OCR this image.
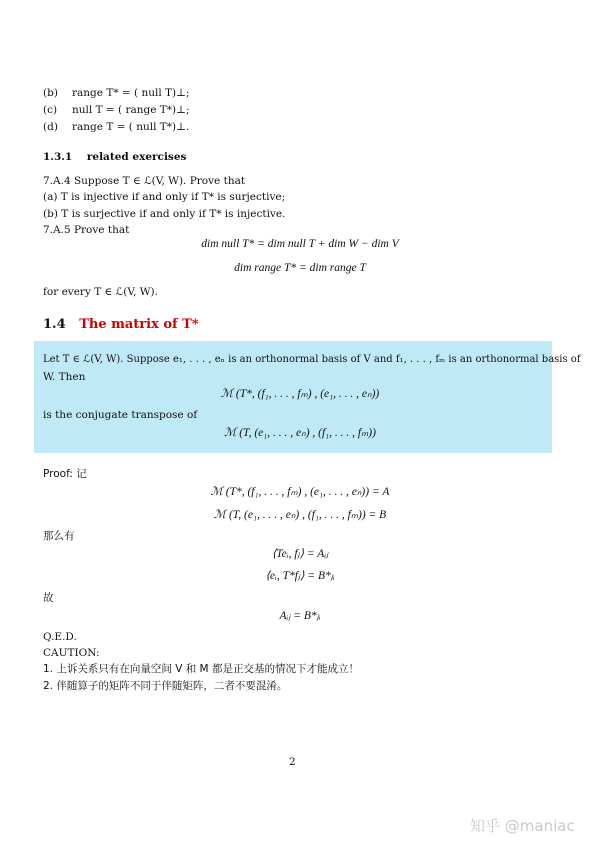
(b) range T* = ( null T)⊥;
(c) null T = ( range T*)⊥;
(d) range T = ( null T*)⊥.
1.3.1 related exercises
7.A.4 Suppose T ∈ ℒ(V, W). Prove that
(a) T is injective if and only if T* is surjective;
(b) T is surjective if and only if T* is injective.
7.A.5 Prove that
dim null T* = dim null T + dim W − dim V
dim range T* = dim range T
for every T ∈ ℒ(V, W).
1.4 The matrix of T*
Let T ∈ ℒ(V, W). Suppose e₁, . . . , eₙ is an orthonormal basis of V and f₁, . . . , fₘ is an orthonormal basis of
W. Then
ℳ (T*, (f₁, . . . , fₘ) , (e₁, . . . , eₙ))
is the conjugate transpose of
ℳ (T, (e₁, . . . , eₙ) , (f₁, . . . , fₘ))
Proof: 记
ℳ (T*, (f₁, . . . , fₘ) , (e₁, . . . , eₙ)) = A
ℳ (T, (e₁, . . . , eₙ) , (f₁, . . . , fₘ)) = B
那么有
⟨Teᵢ, fⱼ⟩ = Aᵢⱼ
⟨eᵢ, T*fⱼ⟩ = B*ⱼᵢ
故
Aᵢⱼ = B*ⱼᵢ
Q.E.D.
CAUTION:
1. 上诉关系只有在向量空间 V 和 M 都是正交基的情况下才能成立！
2. 伴随算子的矩阵不同于伴随矩阵，二者不要混淆。
2
知乎 @maniac
